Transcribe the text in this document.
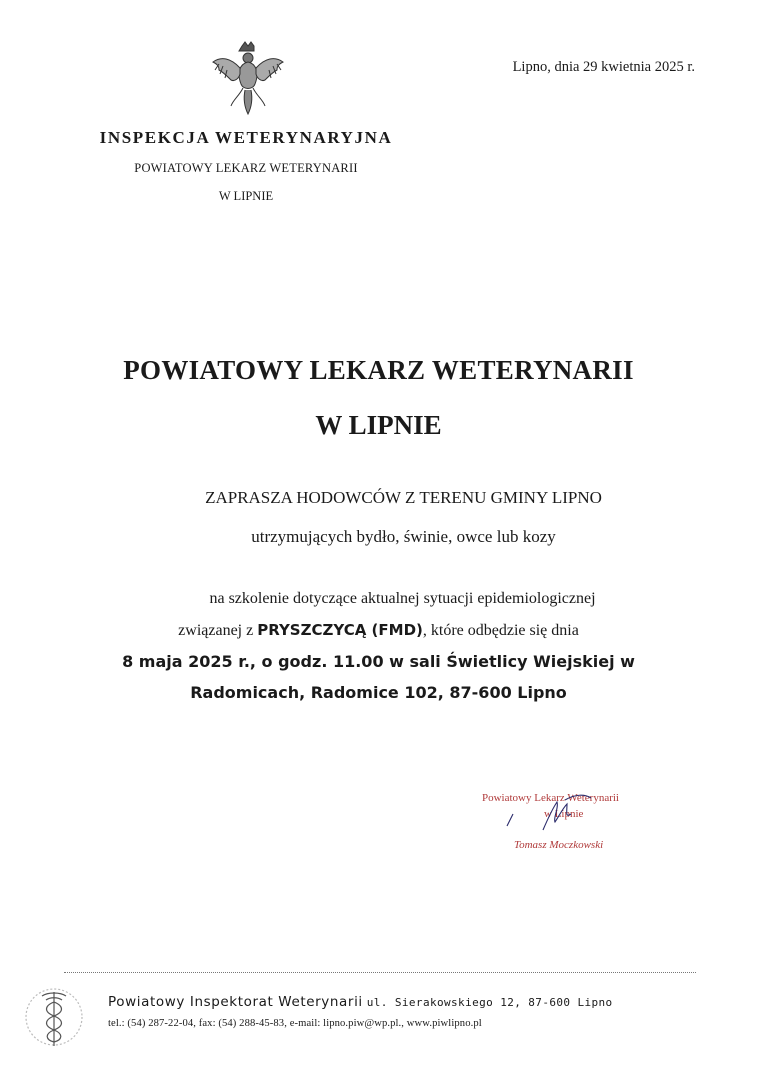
Lipno, dnia 29 kwietnia 2025 r.
INSPEKCJA WETERYNARYJNA
POWIATOWY LEKARZ WETERYNARII
W LIPNIE
POWIATOWY LEKARZ WETERYNARII
W LIPNIE
ZAPRASZA HODOWCÓW Z TERENU GMINY LIPNO
utrzymujących bydło, świnie, owce lub kozy
na szkolenie dotyczące aktualnej sytuacji epidemiologicznej
związanej z PRYSZCZYCĄ (FMD), które odbędzie się dnia
8 maja 2025 r., o godz. 11.00 w sali Świetlicy Wiejskiej w
Radomicach, Radomice 102, 87-600 Lipno
Powiatowy Lekarz Weterynarii
w Lipnie
Tomasz Moczkowski
Powiatowy Inspektorat Weterynarii ul. Sierakowskiego 12, 87-600 Lipno
tel.: (54) 287-22-04, fax: (54) 288-45-83, e-mail: lipno.piw@wp.pl., www.piwlipno.pl
